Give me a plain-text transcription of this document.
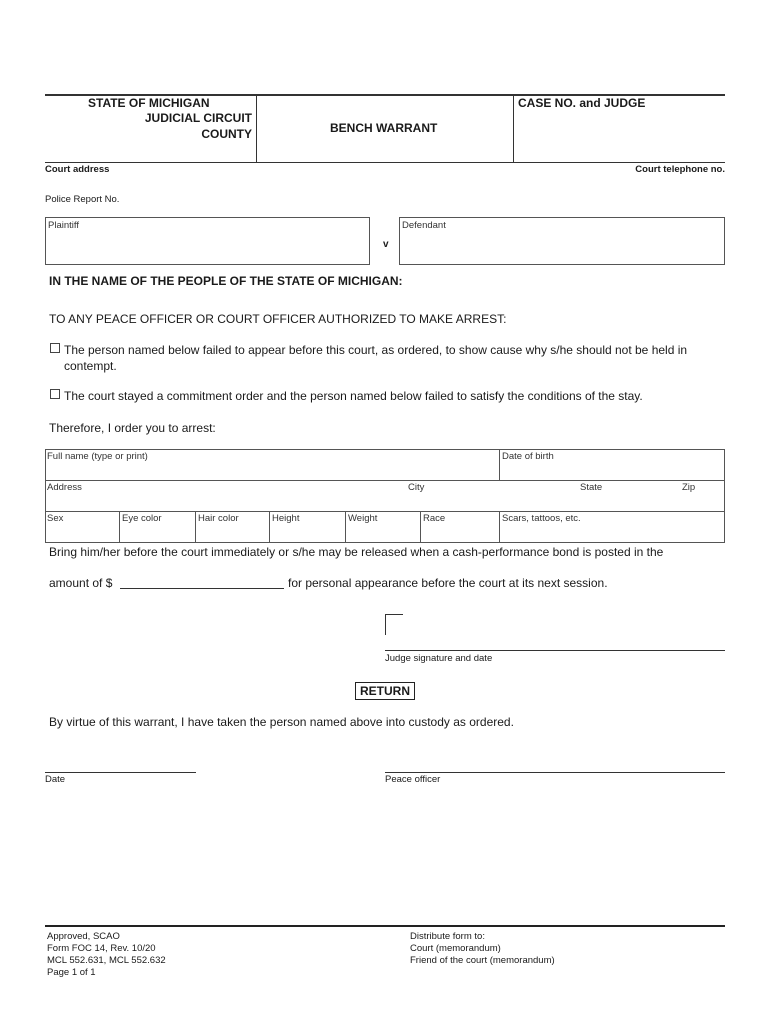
STATE OF MICHIGAN
JUDICIAL CIRCUIT
COUNTY	BENCH WARRANT
CASE NO. and JUDGE
Court address	Court telephone no.
Police Report No.
Plaintiff
v
Defendant
IN THE NAME OF THE PEOPLE OF THE STATE OF MICHIGAN:
TO ANY PEACE OFFICER OR COURT OFFICER AUTHORIZED TO MAKE ARREST:
The person named below failed to appear before this court, as ordered, to show cause why s/he should not be held in
contempt.
The court stayed a commitment order and the person named below failed to satisfy the conditions of the stay.
Therefore, I order you to arrest:
Full name (type or print)	Date of birth
Address	City	State	Zip
Sex	Eye color	Hair color	Height	Weight	Race	Scars, tattoos, etc.
Bring him/her before the court immediately or s/he may be released when a cash-performance bond is posted in the
amount of $	for personal appearance before the court at its next session.
Judge signature and date
RETURN
By virtue of this warrant, I have taken the person named above into custody as ordered.
Date	Peace officer
Approved, SCAO
Form FOC 14, Rev. 10/20
MCL 552.631, MCL 552.632
Page 1 of 1
Distribute form to:
Court (memorandum)
Friend of the court (memorandum)
